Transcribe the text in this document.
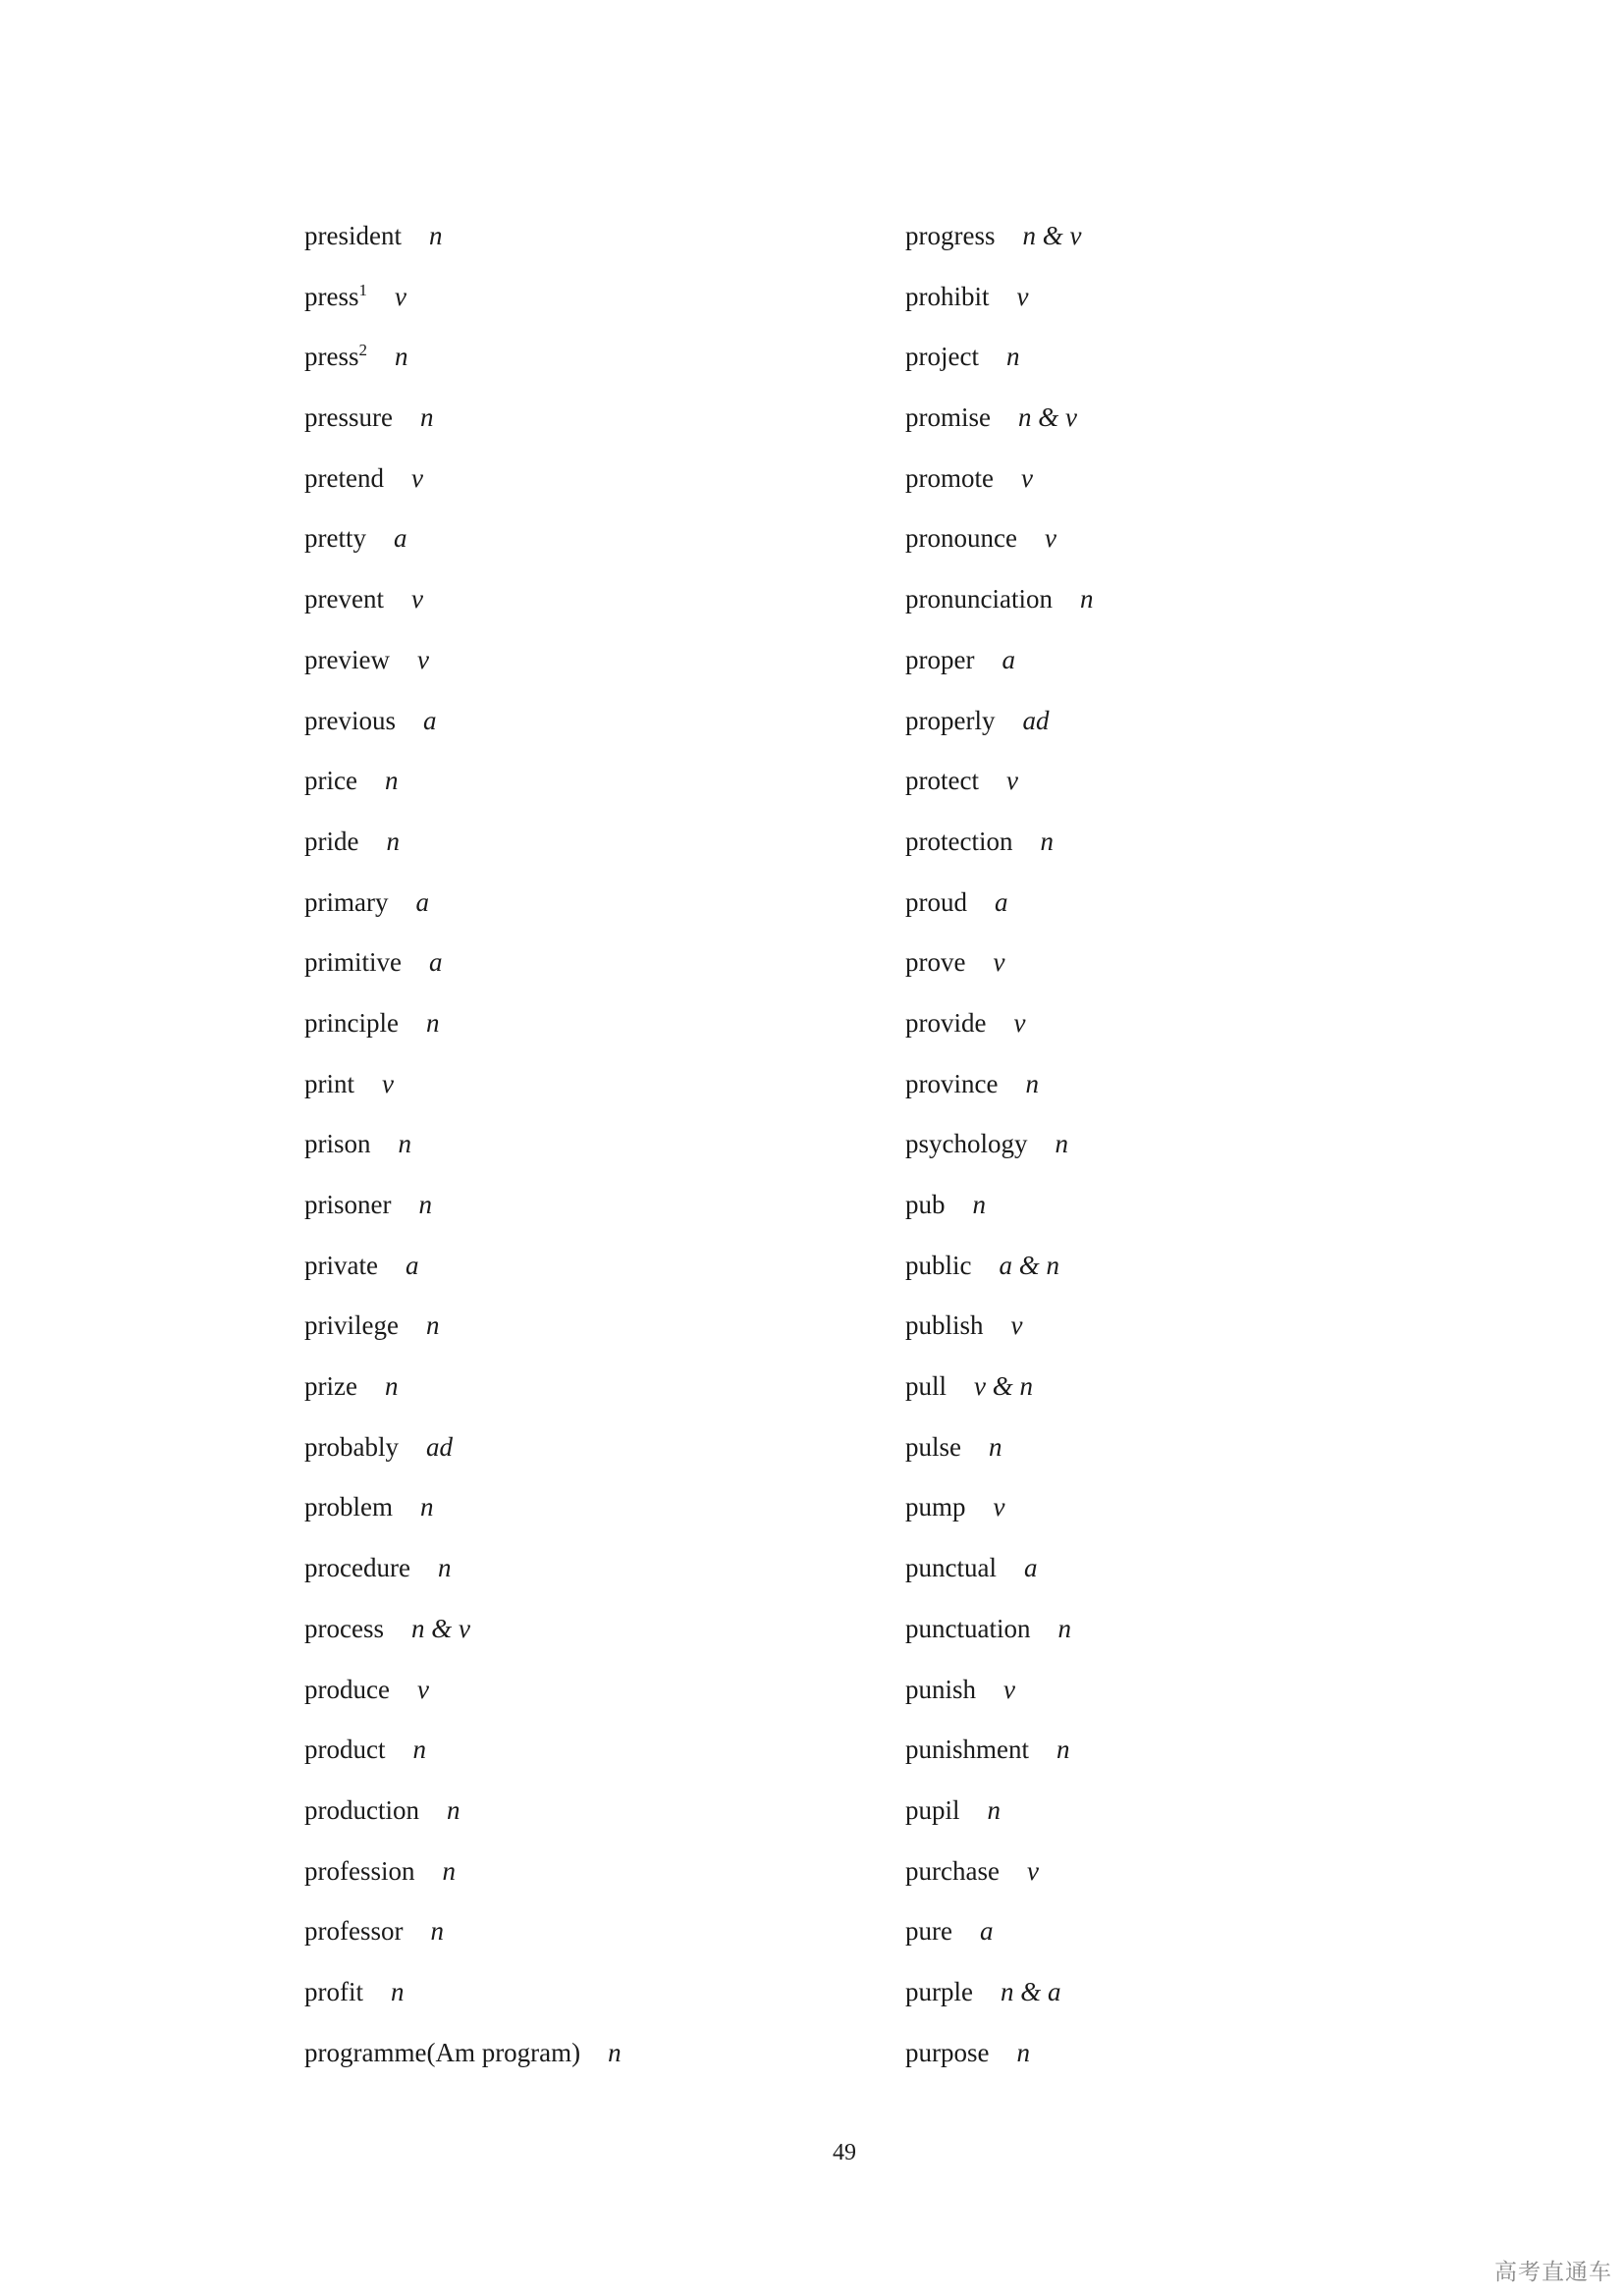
president n
press$^1$ v
press$^2$ n
pressure n
pretend v
pretty a
prevent v
preview v
previous a
price n
pride n
primary a
primitive a
principle n
print v
prison n
prisoner n
private a
privilege n
prize n
probably ad
problem n
procedure n
process n & v
produce v
product n
production n
profession n
professor n
profit n
programme(Am program) n
progress n & v
prohibit v
project n
promise n & v
promote v
pronounce v
pronunciation n
proper a
properly ad
protect v
protection n
proud a
prove v
provide v
province n
psychology n
pub n
public a & n
publish v
pull v & n
pulse n
pump v
punctual a
punctuation n
punish v
punishment n
pupil n
purchase v
pure a
purple n & a
purpose n
49
高考直通车
